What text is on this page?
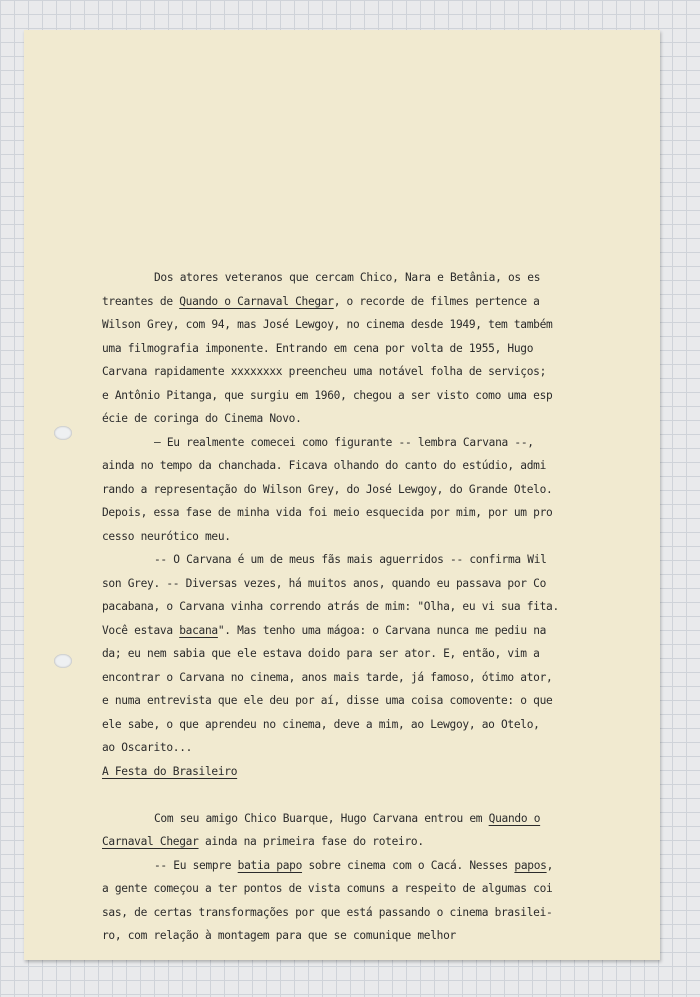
Dos atores veteranos que cercam Chico, Nara e Betânia, os es
treantes de Quando o Carnaval Chegar, o recorde de filmes pertence a
Wilson Grey, com 94, mas José Lewgoy, no cinema desde 1949, tem também
uma filmografia imponente. Entrando em cena por volta de 1955, Hugo
Carvana rapidamente xxxxxxxx preencheu uma notável folha de serviços;
e Antônio Pitanga, que surgiu em 1960, chegou a ser visto como uma esp
écie de coringa do Cinema Novo.
— Eu realmente comecei como figurante -- lembra Carvana --,
ainda no tempo da chanchada. Ficava olhando do canto do estúdio, admi
rando a representação do Wilson Grey, do José Lewgoy, do Grande Otelo.
Depois, essa fase de minha vida foi meio esquecida por mim, por um pro
cesso neurótico meu.
-- O Carvana é um de meus fãs mais aguerridos -- confirma Wil
son Grey. -- Diversas vezes, há muitos anos, quando eu passava por Co
pacabana, o Carvana vinha correndo atrás de mim: "Olha, eu vi sua fita.
Você estava bacana". Mas tenho uma mágoa: o Carvana nunca me pediu na
da; eu nem sabia que ele estava doido para ser ator. E, então, vim a
encontrar o Carvana no cinema, anos mais tarde, já famoso, ótimo ator,
e numa entrevista que ele deu por aí, disse uma coisa comovente: o que
ele sabe, o que aprendeu no cinema, deve a mim, ao Lewgoy, ao Otelo,
ao Oscarito...
A Festa do Brasileiro
Com seu amigo Chico Buarque, Hugo Carvana entrou em Quando o
Carnaval Chegar ainda na primeira fase do roteiro.
-- Eu sempre batia papo sobre cinema com o Cacá. Nesses papos,
a gente começou a ter pontos de vista comuns a respeito de algumas coi
sas, de certas transformações por que está passando o cinema brasilei-
ro, com relação à montagem para que se comunique melhor
